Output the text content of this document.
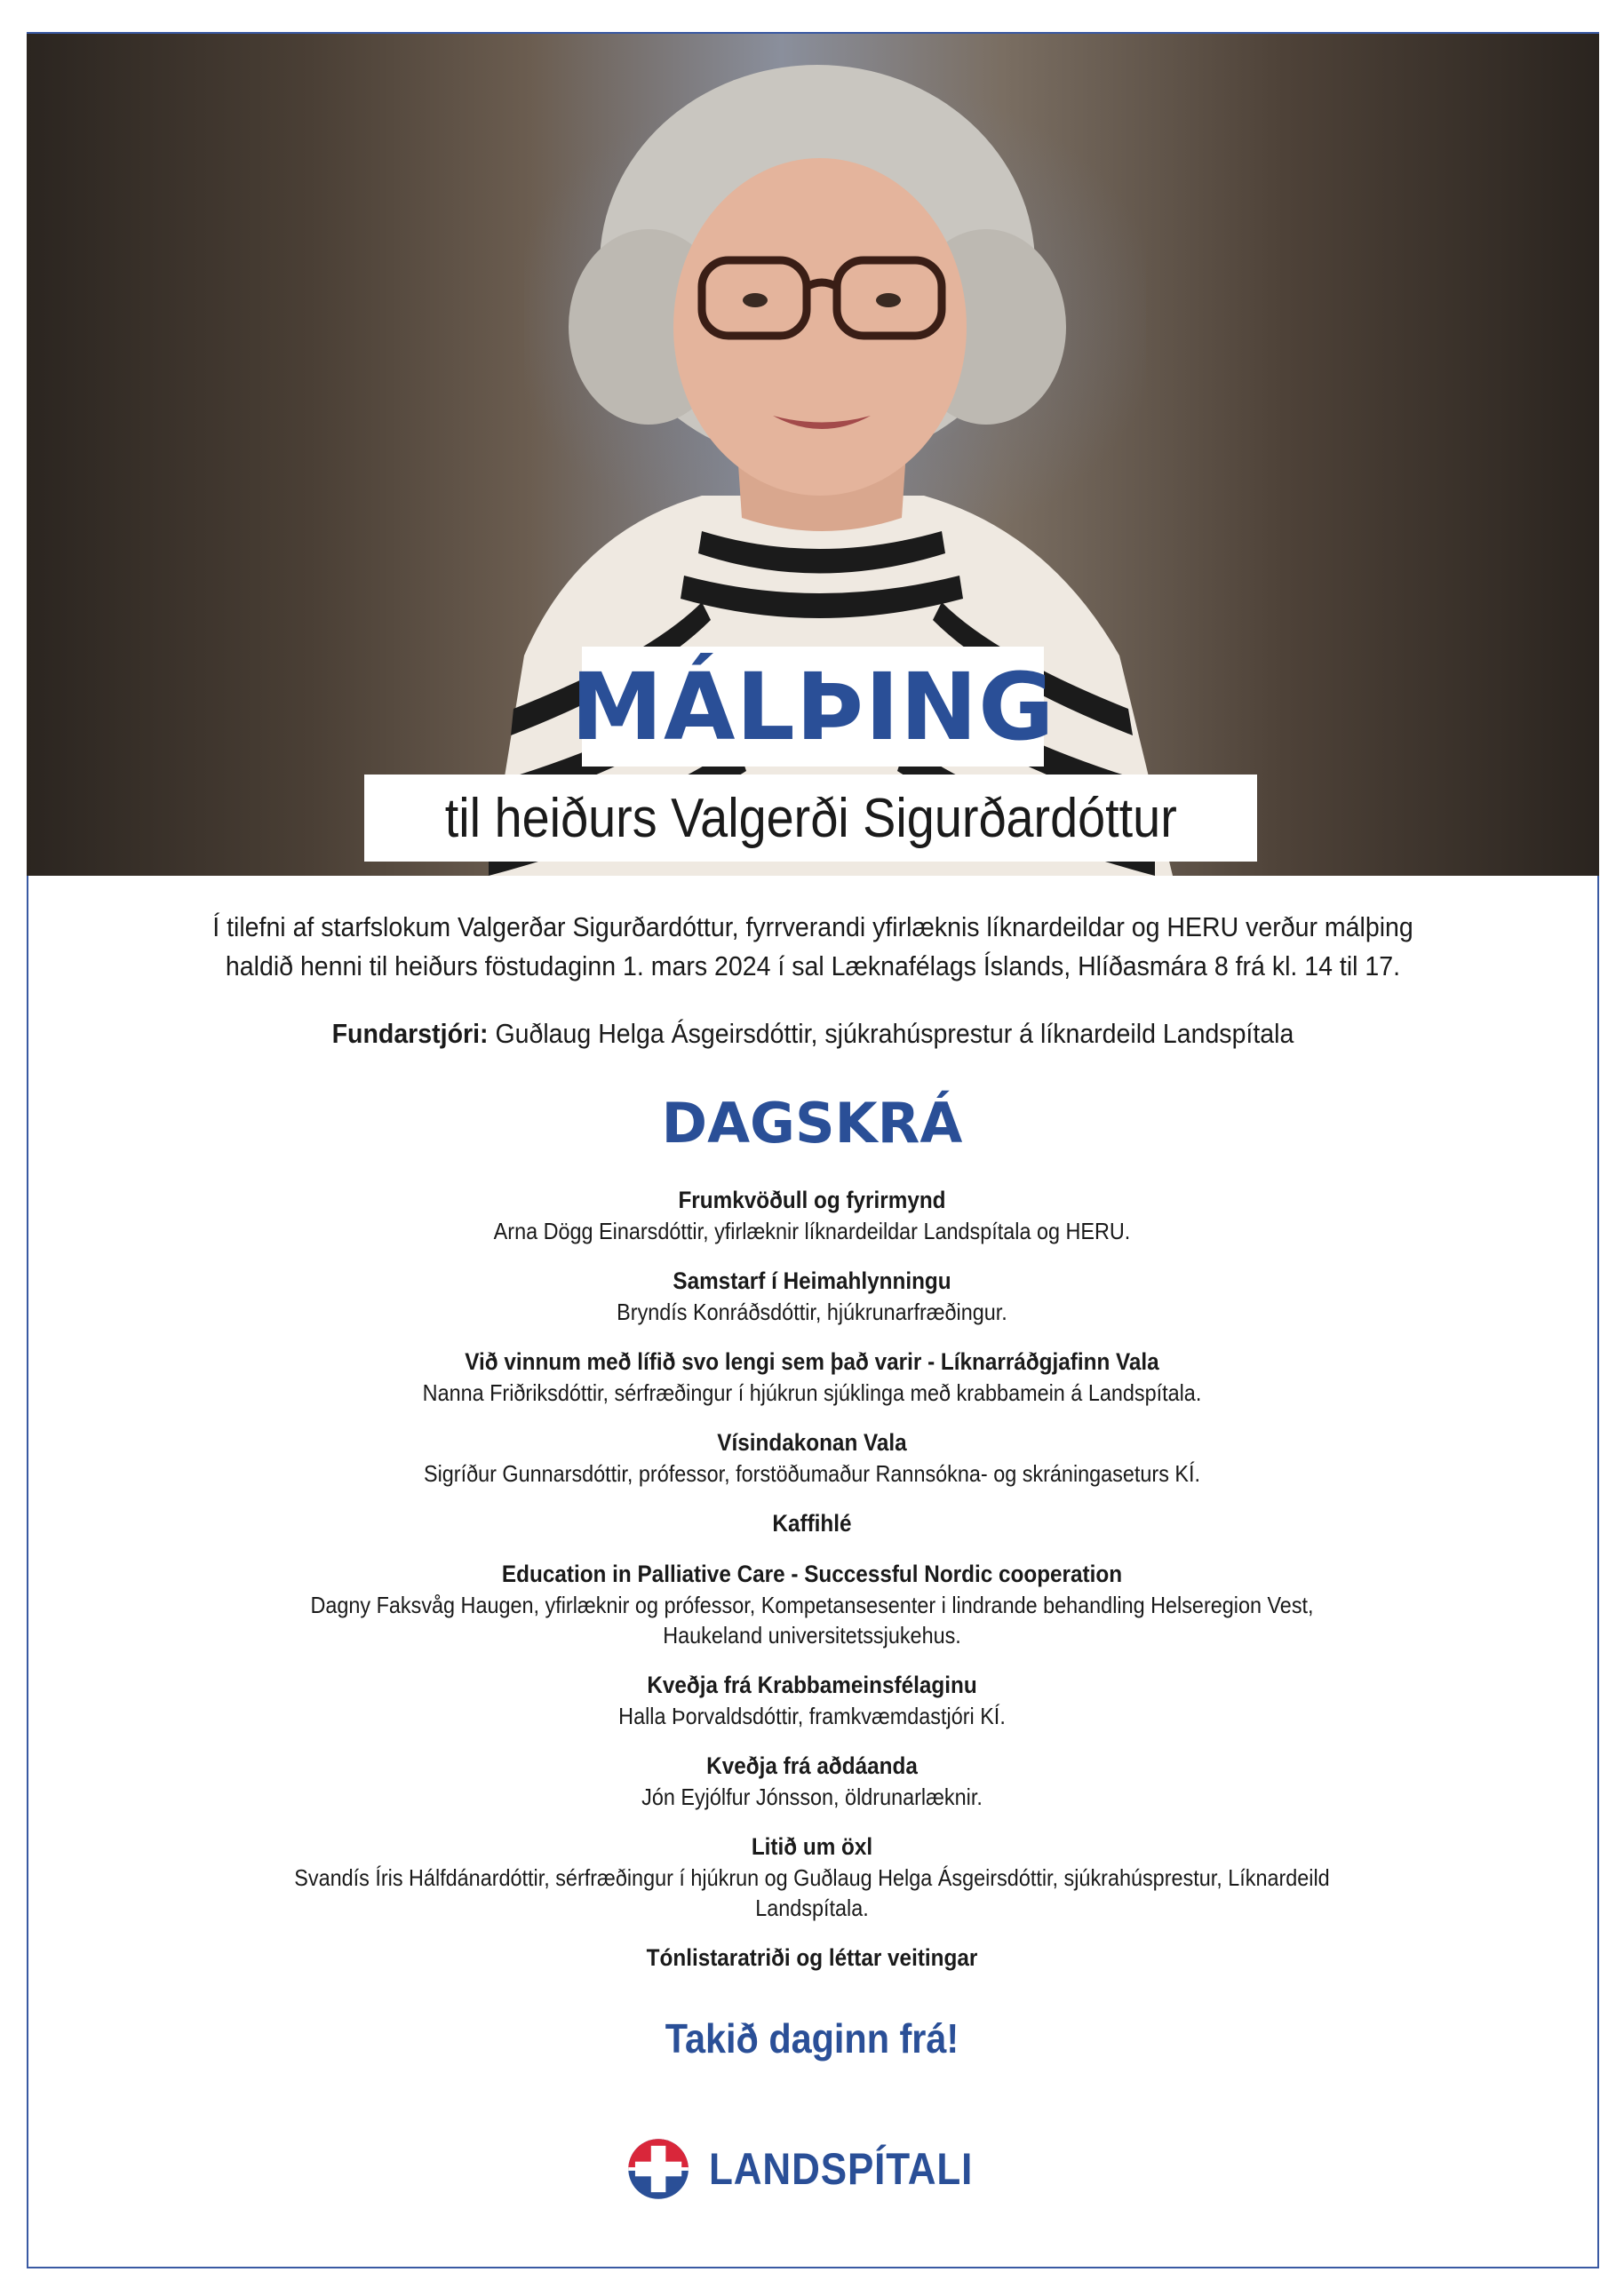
MÁLÞING
til heiðurs Valgerði Sigurðardóttur
Í tilefni af starfslokum Valgerðar Sigurðardóttur, fyrrverandi yfirlæknis líknardeildar og HERU verður málþing
haldið henni til heiðurs föstudaginn 1. mars 2024 í sal Læknafélags Íslands, Hlíðasmára 8 frá kl. 14 til 17.
Fundarstjóri: Guðlaug Helga Ásgeirsdóttir, sjúkrahúsprestur á líknardeild Landspítala
DAGSKRÁ
Frumkvöðull og fyrirmynd
Arna Dögg Einarsdóttir, yfirlæknir líknardeildar Landspítala og HERU.
Samstarf í Heimahlynningu
Bryndís Konráðsdóttir, hjúkrunarfræðingur.
Við vinnum með lífið svo lengi sem það varir - Líknarráðgjafinn Vala
Nanna Friðriksdóttir, sérfræðingur í hjúkrun sjúklinga með krabbamein á Landspítala.
Vísindakonan Vala
Sigríður Gunnarsdóttir, prófessor, forstöðumaður Rannsókna- og skráningaseturs KÍ.
Kaffihlé
Education in Palliative Care - Successful Nordic cooperation
Dagny Faksvåg Haugen, yfirlæknir og prófessor, Kompetansesenter i lindrande behandling Helseregion Vest,
Haukeland universitetssjukehus.
Kveðja frá Krabbameinsfélaginu
Halla Þorvaldsdóttir, framkvæmdastjóri KÍ.
Kveðja frá aðdáanda
Jón Eyjólfur Jónsson, öldrunarlæknir.
Litið um öxl
Svandís Íris Hálfdánardóttir, sérfræðingur í hjúkrun og Guðlaug Helga Ásgeirsdóttir, sjúkrahúsprestur, Líknardeild
Landspítala.
Tónlistaratriði og léttar veitingar
Takið daginn frá!
LANDSPÍTALI
